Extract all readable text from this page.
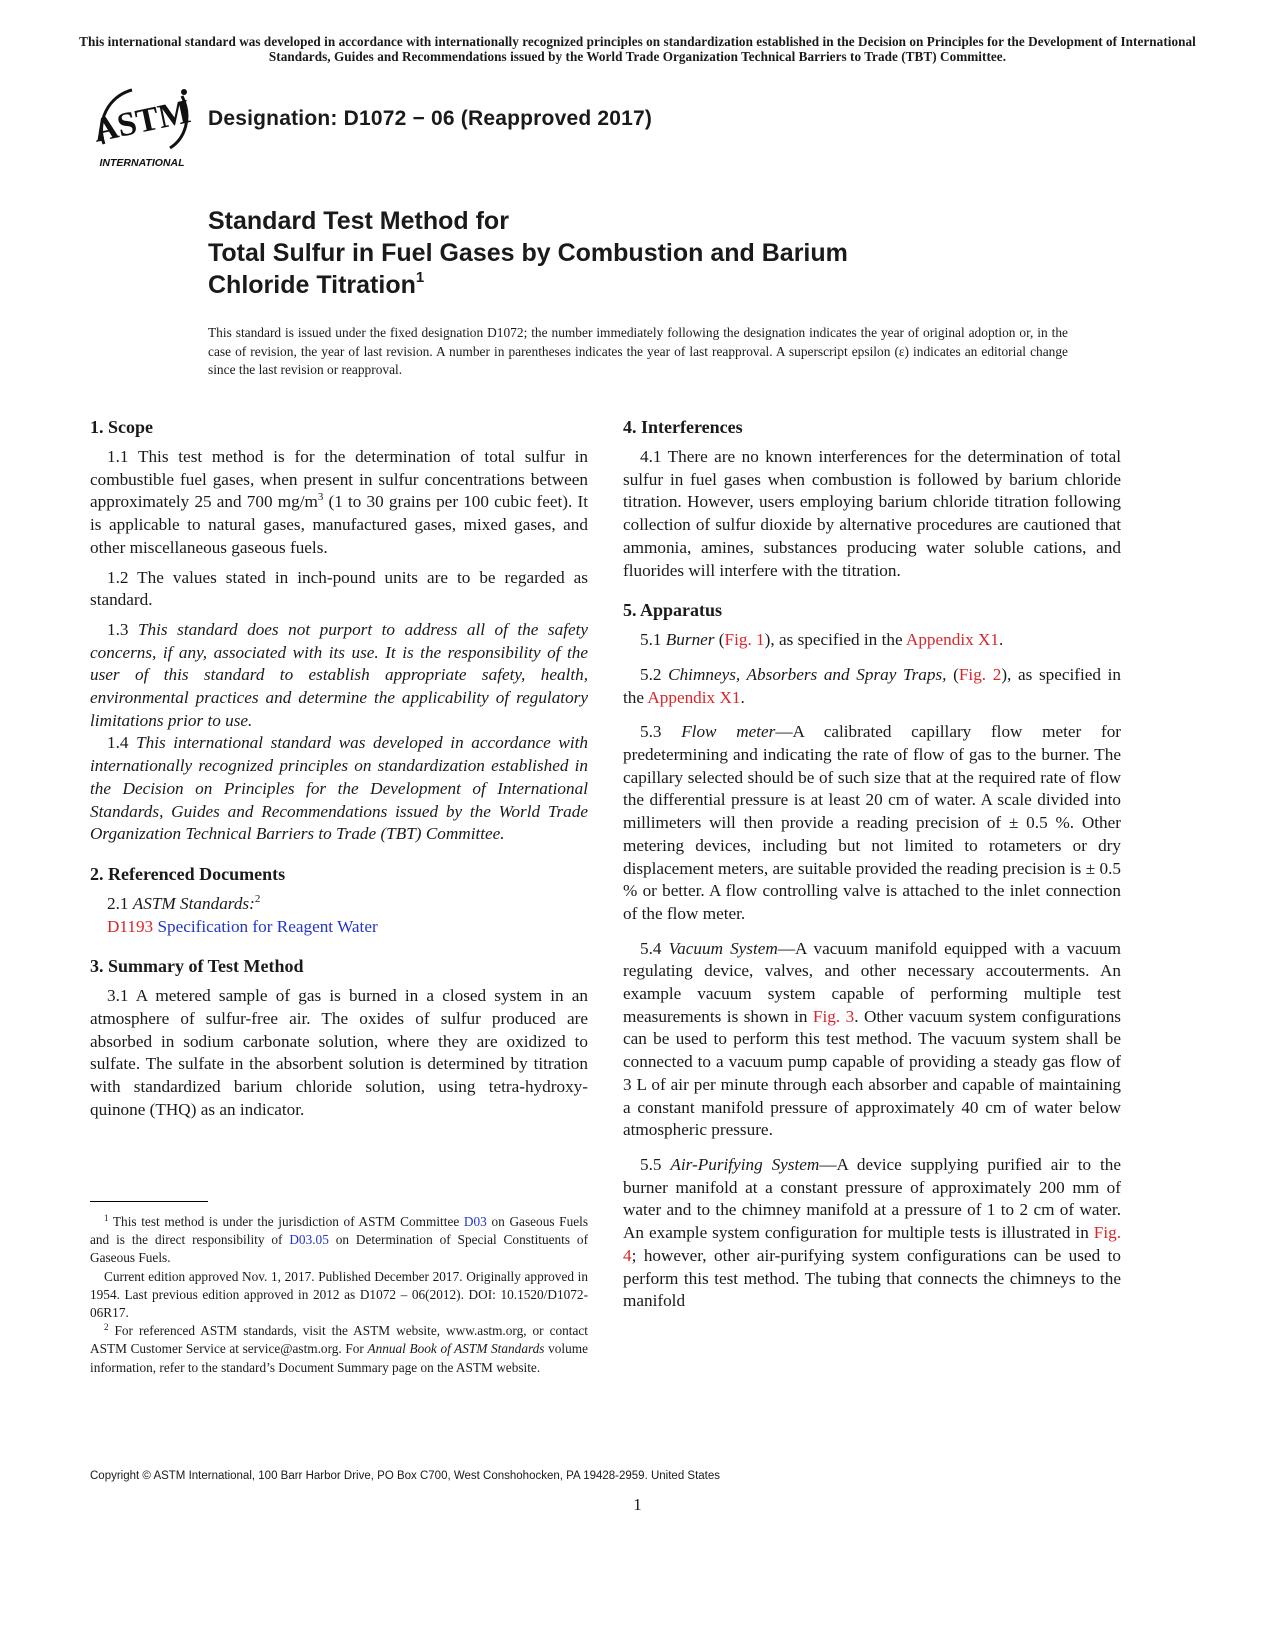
This international standard was developed in accordance with internationally recognized principles on standardization established in the Decision on Principles for the Development of International Standards, Guides and Recommendations issued by the World Trade Organization Technical Barriers to Trade (TBT) Committee.
ASTM
INTERNATIONAL
Designation: D1072 − 06 (Reapproved 2017)
Standard Test Method for
Total Sulfur in Fuel Gases by Combustion and Barium
Chloride Titration$^1$
This standard is issued under the fixed designation D1072; the number immediately following the designation indicates the year of original adoption or, in the case of revision, the year of last revision. A number in parentheses indicates the year of last reapproval. A superscript epsilon (ε) indicates an editorial change since the last revision or reapproval.
1. Scope

1.1 This test method is for the determination of total sulfur in combustible fuel gases, when present in sulfur concentrations between approximately 25 and 700 $mg/m^3$ (1 to 30 grains per 100 cubic feet). It is applicable to natural gases, manufactured gases, mixed gases, and other miscellaneous gaseous fuels.

1.2 The values stated in inch-pound units are to be regarded as standard.

1.3 This standard does not purport to address all of the safety concerns, if any, associated with its use. It is the responsibility of the user of this standard to establish appropriate safety, health, environmental practices and determine the applicability of regulatory limitations prior to use.

1.4 This international standard was developed in accordance with internationally recognized principles on standardization established in the Decision on Principles for the Development of International Standards, Guides and Recommendations issued by the World Trade Organization Technical Barriers to Trade (TBT) Committee.

2. Referenced Documents

2.1 ASTM Standards:$^2$

D1193 Specification for Reagent Water

3. Summary of Test Method

3.1 A metered sample of gas is burned in a closed system in an atmosphere of sulfur-free air. The oxides of sulfur produced are absorbed in sodium carbonate solution, where they are oxidized to sulfate. The sulfate in the absorbent solution is determined by titration with standardized barium chloride solution, using tetra-hydroxy-quinone (THQ) as an indicator.

$^1$ This test method is under the jurisdiction of ASTM Committee D03 on Gaseous Fuels and is the direct responsibility of D03.05 on Determination of Special Constituents of Gaseous Fuels.

Current edition approved Nov. 1, 2017. Published December 2017. Originally approved in 1954. Last previous edition approved in 2012 as D1072 – 06(2012). DOI: 10.1520/D1072-06R17.

$^2$ For referenced ASTM standards, visit the ASTM website, www.astm.org, or contact ASTM Customer Service at service@astm.org. For Annual Book of ASTM Standards volume information, refer to the standard’s Document Summary page on the ASTM website.

4. Interferences

4.1 There are no known interferences for the determination of total sulfur in fuel gases when combustion is followed by barium chloride titration. However, users employing barium chloride titration following collection of sulfur dioxide by alternative procedures are cautioned that ammonia, amines, substances producing water soluble cations, and fluorides will interfere with the titration.

5. Apparatus

5.1 Burner (Fig. 1), as specified in the Appendix X1.

5.2 Chimneys, Absorbers and Spray Traps, (Fig. 2), as specified in the Appendix X1.

5.3 Flow meter—A calibrated capillary flow meter for predetermining and indicating the rate of flow of gas to the burner. The capillary selected should be of such size that at the required rate of flow the differential pressure is at least 20 cm of water. A scale divided into millimeters will then provide a reading precision of ± 0.5 %. Other metering devices, including but not limited to rotameters or dry displacement meters, are suitable provided the reading precision is ± 0.5 % or better. A flow controlling valve is attached to the inlet connection of the flow meter.

5.4 Vacuum System—A vacuum manifold equipped with a vacuum regulating device, valves, and other necessary accouterments. An example vacuum system capable of performing multiple test measurements is shown in Fig. 3. Other vacuum system configurations can be used to perform this test method. The vacuum system shall be connected to a vacuum pump capable of providing a steady gas flow of 3 L of air per minute through each absorber and capable of maintaining a constant manifold pressure of approximately 40 cm of water below atmospheric pressure.

5.5 Air-Purifying System—A device supplying purified air to the burner manifold at a constant pressure of approximately 200 mm of water and to the chimney manifold at a pressure of 1 to 2 cm of water. An example system configuration for multiple tests is illustrated in Fig. 4; however, other air-purifying system configurations can be used to perform this test method. The tubing that connects the chimneys to the manifold

Copyright © ASTM International, 100 Barr Harbor Drive, PO Box C700, West Conshohocken, PA 19428-2959. United States
1
